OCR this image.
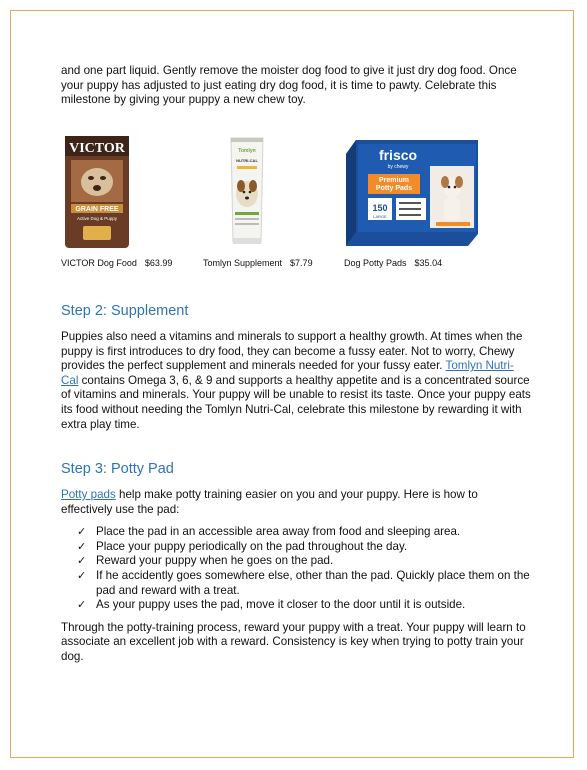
and one part liquid. Gently remove the moister dog food to give it just dry dog food. Once your puppy has adjusted to just eating dry dog food, it is time to pawty. Celebrate this milestone by giving your puppy a new chew toy.

VICTOR
GRAIN FREE
Active Dog & Puppy
VICTOR Dog Food $63.99
Tomlyn
NUTRI-CAL
Tomlyn Supplement $7.79
frisco
by chewy
Premium
Potty Pads
150
LARGE
Dog Potty Pads $35.04
Step 2: Supplement

Puppies also need a vitamins and minerals to support a healthy growth. At times when the puppy is first introduces to dry food, they can become a fussy eater. Not to worry, Chewy provides the perfect supplement and minerals needed for your fussy eater. Tomlyn Nutri-Cal contains Omega 3, 6, & 9 and supports a healthy appetite and is a concentrated source of vitamins and minerals. Your puppy will be unable to resist its taste. Once your puppy eats its food without needing the Tomlyn Nutri-Cal, celebrate this milestone by rewarding it with extra play time.

Step 3: Potty Pad

Potty pads help make potty training easier on you and your puppy. Here is how to effectively use the pad:

✓ Place the pad in an accessible area away from food and sleeping area.
✓ Place your puppy periodically on the pad throughout the day.
✓ Reward your puppy when he goes on the pad.
✓ If he accidently goes somewhere else, other than the pad. Quickly place them on the pad and reward with a treat.
✓ As your puppy uses the pad, move it closer to the door until it is outside.

Through the potty-training process, reward your puppy with a treat. Your puppy will learn to associate an excellent job with a reward. Consistency is key when trying to potty train your dog.
